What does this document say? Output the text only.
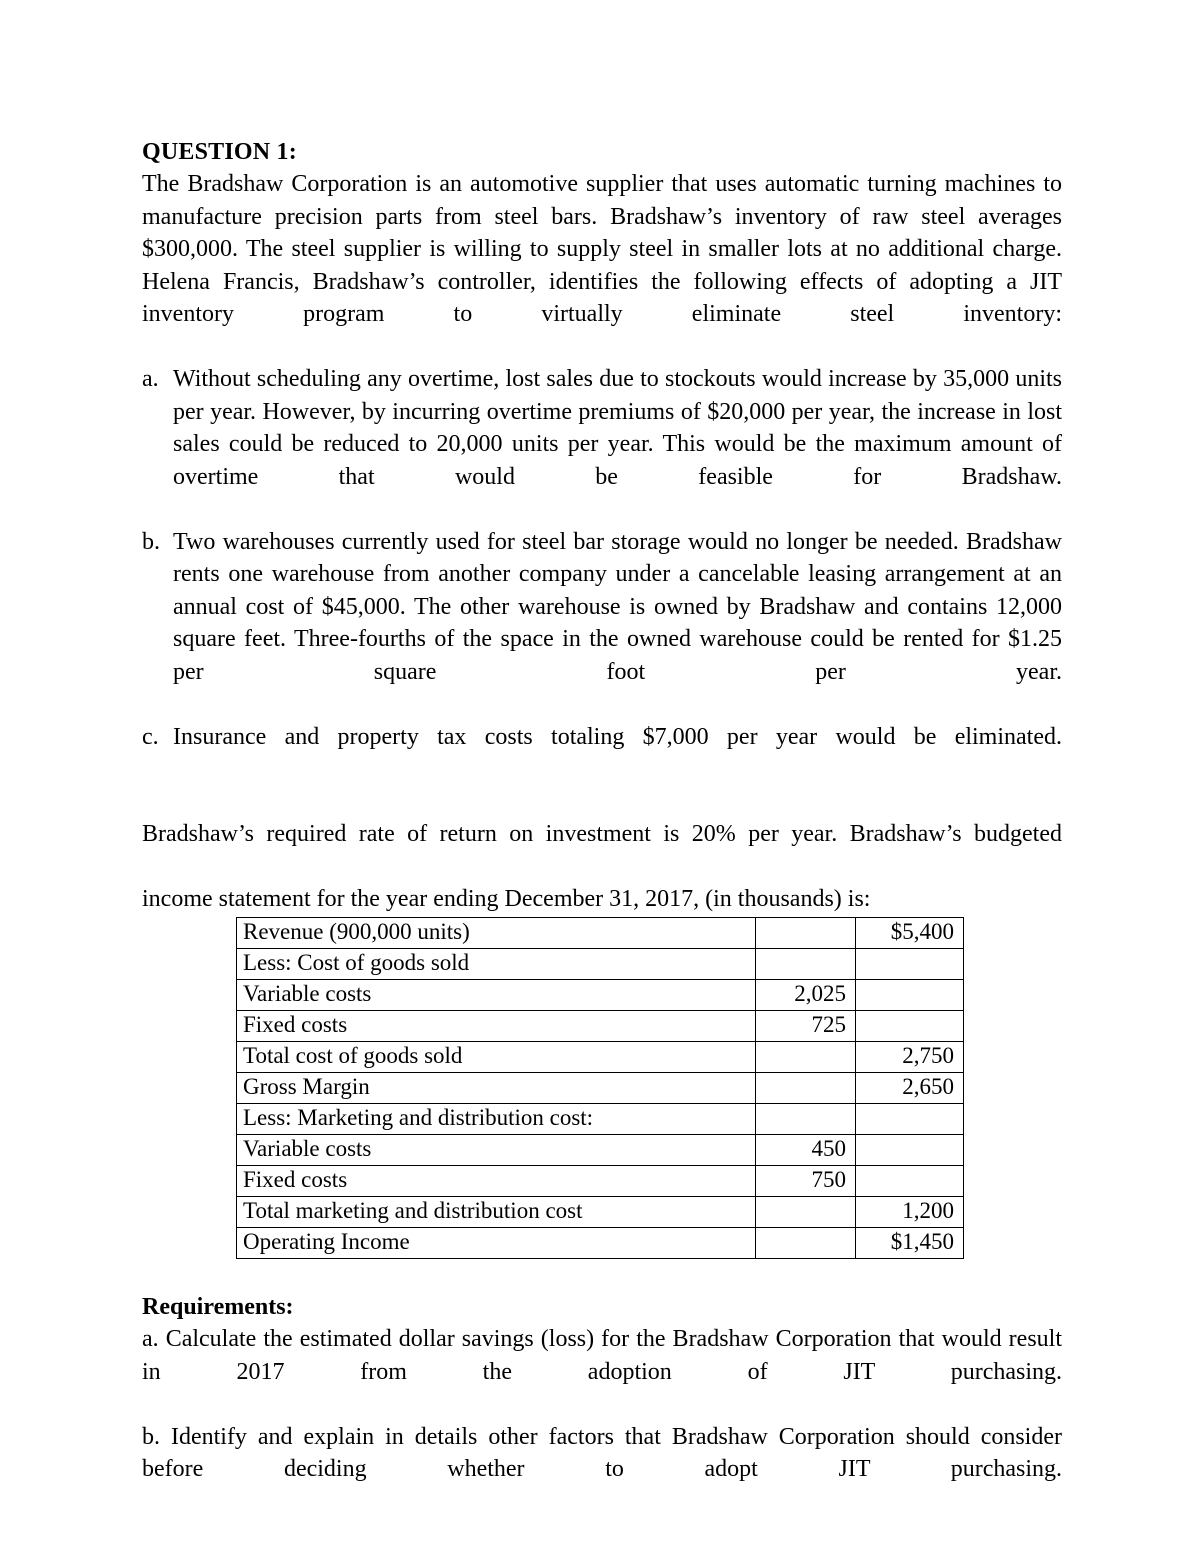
QUESTION 1:

The Bradshaw Corporation is an automotive supplier that uses automatic turning machines to manufacture precision parts from steel bars. Bradshaw’s inventory of raw steel averages $300,000. The steel supplier is willing to supply steel in smaller lots at no additional charge. Helena Francis, Bradshaw’s controller, identifies the following effects of adopting a JIT inventory program to virtually eliminate steel inventory:

a. Without scheduling any overtime, lost sales due to stockouts would increase by 35,000 units per year. However, by incurring overtime premiums of $20,000 per year, the increase in lost sales could be reduced to 20,000 units per year. This would be the maximum amount of overtime that would be feasible for Bradshaw.
b. Two warehouses currently used for steel bar storage would no longer be needed. Bradshaw rents one warehouse from another company under a cancelable leasing arrangement at an annual cost of $45,000. The other warehouse is owned by Bradshaw and contains 12,000 square feet. Three-fourths of the space in the owned warehouse could be rented for $1.25 per square foot per year.
c. Insurance and property tax costs totaling $7,000 per year would be eliminated.

Bradshaw’s required rate of return on investment is 20% per year. Bradshaw’s budgeted

income statement for the year ending December 31, 2017, (in thousands) is:
Revenue (900,000 units)		$5,400
Less: Cost of goods sold		
Variable costs	2,025	
Fixed costs	725	
Total cost of goods sold		2,750
Gross Margin		2,650
Less: Marketing and distribution cost:		
Variable costs	450	
Fixed costs	750	
Total marketing and distribution cost		1,200
Operating Income		$1,450
Requirements:

a. Calculate the estimated dollar savings (loss) for the Bradshaw Corporation that would result in 2017 from the adoption of JIT purchasing.

b. Identify and explain in details other factors that Bradshaw Corporation should consider before deciding whether to adopt JIT purchasing.
